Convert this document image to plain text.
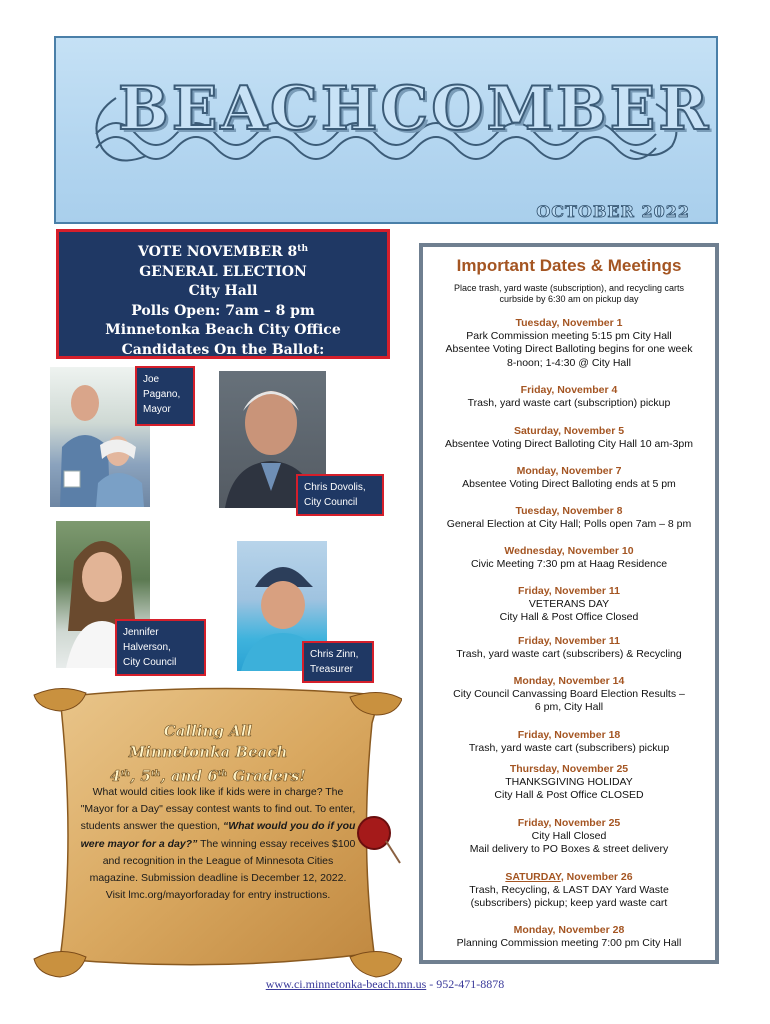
BEACHCOMBER
OCTOBER 2022
VOTE NOVEMBER 8th
GENERAL ELECTION
City Hall
Polls Open: 7am – 8 pm
Minnetonka Beach City Office
Candidates On the Ballot:
Joe
Pagano,
Mayor
Chris Dovolis,
City Council
Jennifer
Halverson,
City Council
Chris Zinn,
Treasurer
Calling All
Minnetonka Beach
4th, 5th, and 6th Graders!
What would cities look like if kids were in charge? The "Mayor for a Day" essay contest wants to find out. To enter, students answer the question, “What would you do if you were mayor for a day?” The winning essay receives $100 and recognition in the League of Minnesota Cities magazine. Submission deadline is December 12, 2022. Visit lmc.org/mayorforaday for entry instructions.
Important Dates & Meetings
Place trash, yard waste (subscription), and recycling carts curbside by 6:30 am on pickup day
Tuesday, November 1
Park Commission meeting 5:15 pm City Hall
Absentee Voting Direct Balloting begins for one week
8-noon; 1-4:30 @ City Hall
Friday, November 4
Trash, yard waste cart (subscription) pickup
Saturday, November 5
Absentee Voting Direct Balloting City Hall 10 am-3pm
Monday, November 7
Absentee Voting Direct Balloting ends at 5 pm
Tuesday, November 8
General Election at City Hall; Polls open 7am – 8 pm
Wednesday, November 10
Civic Meeting 7:30 pm at Haag Residence
Friday, November 11
VETERANS DAY
City Hall & Post Office Closed
Friday, November 11
Trash, yard waste cart (subscribers) & Recycling
Monday, November 14
City Council Canvassing Board Election Results –
6 pm, City Hall
Friday, November 18
Trash, yard waste cart (subscribers) pickup
Thursday, November 25
THANKSGIVING HOLIDAY
City Hall & Post Office CLOSED
Friday, November 25
City Hall Closed
Mail delivery to PO Boxes & street delivery
SATURDAY, November 26
Trash, Recycling, & LAST DAY Yard Waste
(subscribers) pickup; keep yard waste cart
Monday, November 28
Planning Commission meeting 7:00 pm City Hall
www.ci.minnetonka-beach.mn.us - 952-471-8878
